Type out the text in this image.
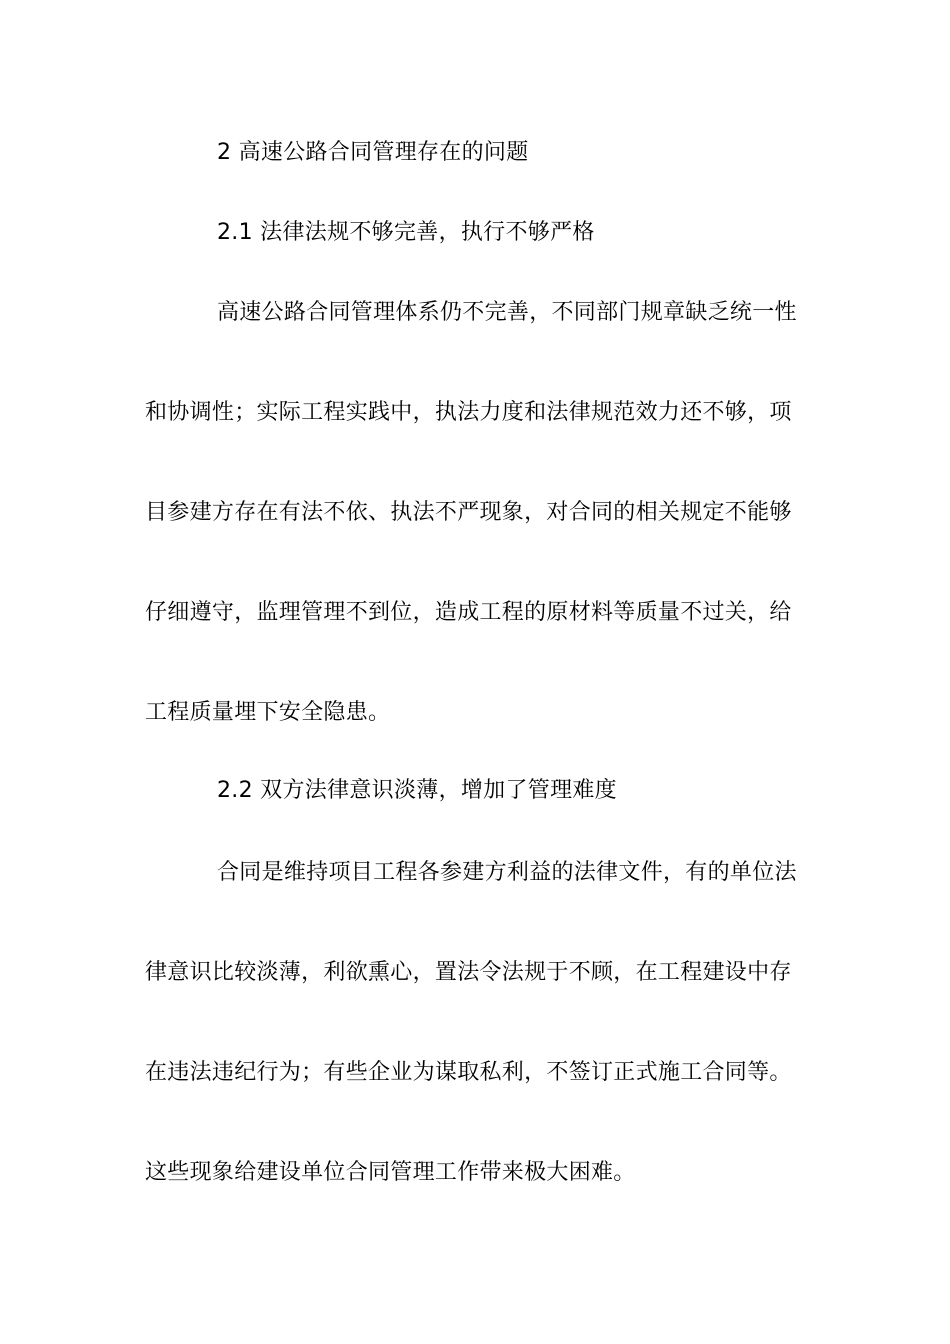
2 高速公路合同管理存在的问题
2.1 法律法规不够完善，执行不够严格
高速公路合同管理体系仍不完善，不同部门规章缺乏统一性
和协调性；实际工程实践中，执法力度和法律规范效力还不够，项
目参建方存在有法不依、执法不严现象，对合同的相关规定不能够
仔细遵守，监理管理不到位，造成工程的原材料等质量不过关，给
工程质量埋下安全隐患。
2.2 双方法律意识淡薄，增加了管理难度
合同是维持项目工程各参建方利益的法律文件，有的单位法
律意识比较淡薄，利欲熏心，置法令法规于不顾，在工程建设中存
在违法违纪行为；有些企业为谋取私利，不签订正式施工合同等。
这些现象给建设单位合同管理工作带来极大困难。
